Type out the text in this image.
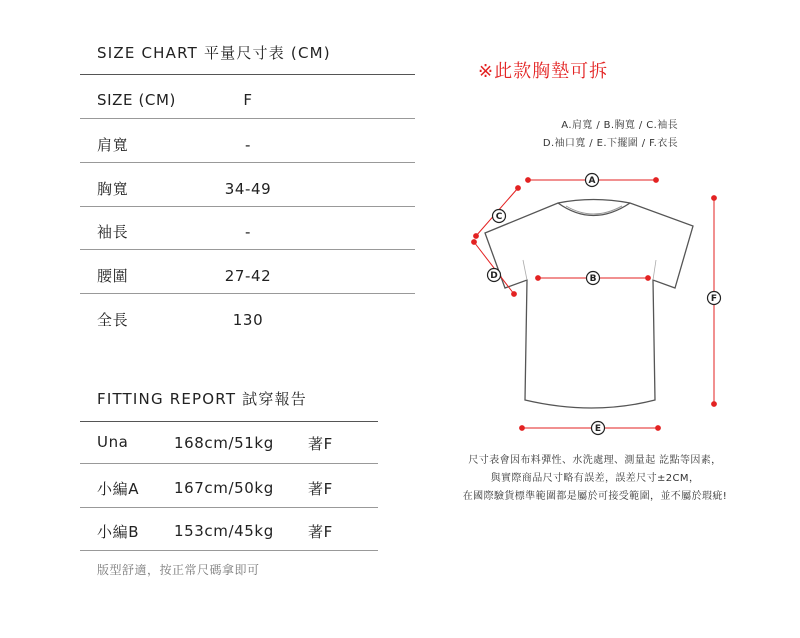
SIZE CHART 平量尺寸表 (CM)
SIZE (CM)	F
肩寬	-
胸寬	34-49
袖長	-
腰圍	27-42
全長	130
FITTING REPORT 試穿報告
Una	168cm/51kg 著F
小編A 167cm/50kg 著F
小編B 153cm/45kg 著F
版型舒適，按正常尺碼拿即可
※此款胸墊可拆
A.肩寬 / B.胸寬 / C.袖長
D.袖口寬 / E.下擺圍 / F.衣長
A
B
C
D
E
F
尺寸表會因布料彈性、水洗處理、測量起 訖點等因素，
與實際商品尺寸略有誤差，誤差尺寸±2CM，
在國際驗貨標準範圍都是屬於可接受範圍，並不屬於瑕疵!
